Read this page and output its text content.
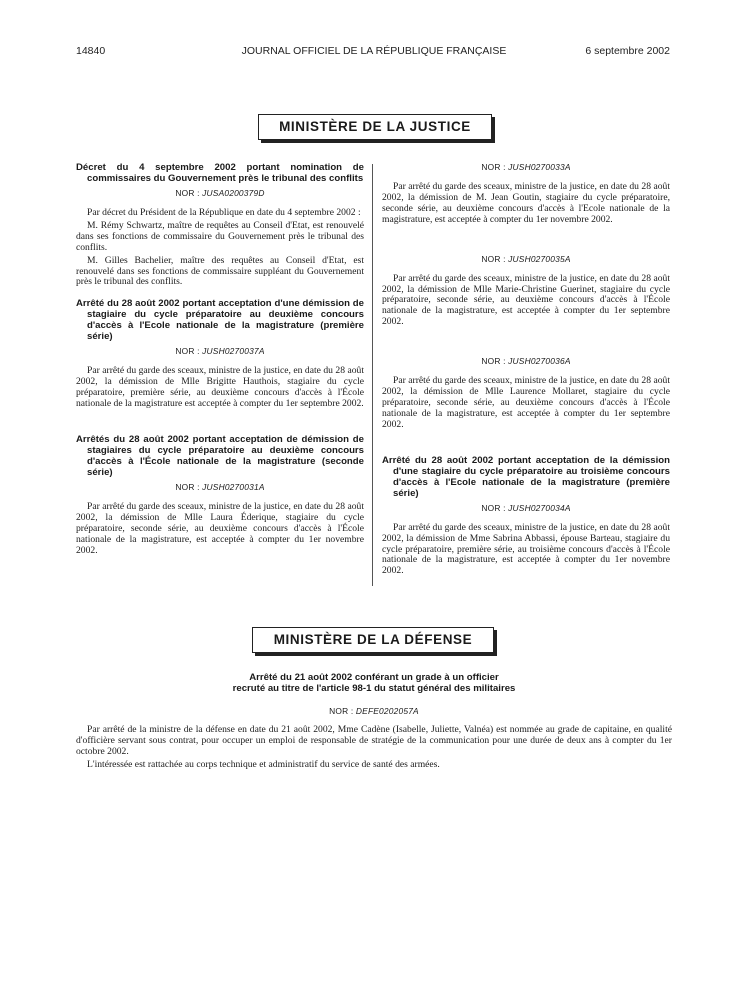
14840	JOURNAL OFFICIEL DE LA RÉPUBLIQUE FRANÇAISE	6 septembre 2002
MINISTÈRE DE LA JUSTICE

Décret du 4 septembre 2002 portant nomination de commissaires du Gouvernement près le tribunal des conflits

NOR : JUSA0200379D

Par décret du Président de la République en date du 4 septembre 2002 :

M. Rémy Schwartz, maître de requêtes au Conseil d'Etat, est renouvelé dans ses fonctions de commissaire du Gouvernement près le tribunal des conflits.

M. Gilles Bachelier, maître des requêtes au Conseil d'Etat, est renouvelé dans ses fonctions de commissaire suppléant du Gouvernement près le tribunal des conflits.

Arrêté du 28 août 2002 portant acceptation d'une démission de stagiaire du cycle préparatoire au deuxième concours d'accès à l'Ecole nationale de la magistrature (première série)

NOR : JUSH0270037A

Par arrêté du garde des sceaux, ministre de la justice, en date du 28 août 2002, la démission de Mlle Brigitte Hauthois, stagiaire du cycle préparatoire, première série, au deuxième concours d'accès à l'École nationale de la magistrature est acceptée à compter du 1er septembre 2002.

Arrêtés du 28 août 2002 portant acceptation de démission de stagiaires du cycle préparatoire au deuxième concours d'accès à l'École nationale de la magistrature (seconde série)

NOR : JUSH0270031A

Par arrêté du garde des sceaux, ministre de la justice, en date du 28 août 2002, la démission de Mlle Laura Éderique, stagiaire du cycle préparatoire, seconde série, au deuxième concours d'accès à l'École nationale de la magistrature, est acceptée à compter du 1er novembre 2002.

NOR : JUSH0270033A

Par arrêté du garde des sceaux, ministre de la justice, en date du 28 août 2002, la démission de M. Jean Goutin, stagiaire du cycle préparatoire, seconde série, au deuxième concours d'accès à l'Ecole nationale de la magistrature, est acceptée à compter du 1er novembre 2002.

NOR : JUSH0270035A

Par arrêté du garde des sceaux, ministre de la justice, en date du 28 août 2002, la démission de Mlle Marie-Christine Guerinet, stagiaire du cycle préparatoire, seconde série, au deuxième concours d'accès à l'École nationale de la magistrature, est acceptée à compter du 1er septembre 2002.

NOR : JUSH0270036A

Par arrêté du garde des sceaux, ministre de la justice, en date du 28 août 2002, la démission de Mlle Laurence Mollaret, stagiaire du cycle préparatoire, seconde série, au deuxième concours d'accès à l'École nationale de la magistrature, est acceptée à compter du 1er septembre 2002.

Arrêté du 28 août 2002 portant acceptation de la démission d'une stagiaire du cycle préparatoire au troisième concours d'accès à l'Ecole nationale de la magistrature (première série)

NOR : JUSH0270034A

Par arrêté du garde des sceaux, ministre de la justice, en date du 28 août 2002, la démission de Mme Sabrina Abbassi, épouse Barteau, stagiaire du cycle préparatoire, première série, au troisième concours d'accès à l'École nationale de la magistrature, est acceptée à compter du 1er novembre 2002.

MINISTÈRE DE LA DÉFENSE
Arrêté du 21 août 2002 conférant un grade à un officier
recruté au titre de l'article 98-1 du statut général des militaires
NOR : DEFE0202057A

Par arrêté de la ministre de la défense en date du 21 août 2002, Mme Cadène (Isabelle, Juliette, Valnéa) est nommée au grade de capitaine, en qualité d'officière servant sous contrat, pour occuper un emploi de responsable de stratégie de la communication pour une durée de deux ans à compter du 1er octobre 2002.

L'intéressée est rattachée au corps technique et administratif du service de santé des armées.
